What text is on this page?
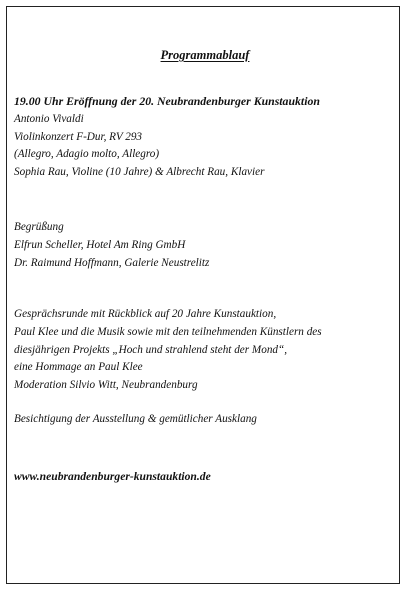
Programmablauf
19.00 Uhr Eröffnung der 20. Neubrandenburger Kunstauktion
Antonio Vivaldi
Violinkonzert F-Dur, RV 293
(Allegro, Adagio molto, Allegro)
Sophia Rau, Violine (10 Jahre) & Albrecht Rau, Klavier
Begrüßung
Elfrun Scheller, Hotel Am Ring GmbH
Dr. Raimund Hoffmann, Galerie Neustrelitz
Gesprächsrunde mit Rückblick auf 20 Jahre Kunstauktion,
Paul Klee und die Musik sowie mit den teilnehmenden Künstlern des
diesjährigen Projekts „Hoch und strahlend steht der Mond“,
eine Hommage an Paul Klee
Moderation Silvio Witt, Neubrandenburg
Besichtigung der Ausstellung & gemütlicher Ausklang
www.neubrandenburger-kunstauktion.de
